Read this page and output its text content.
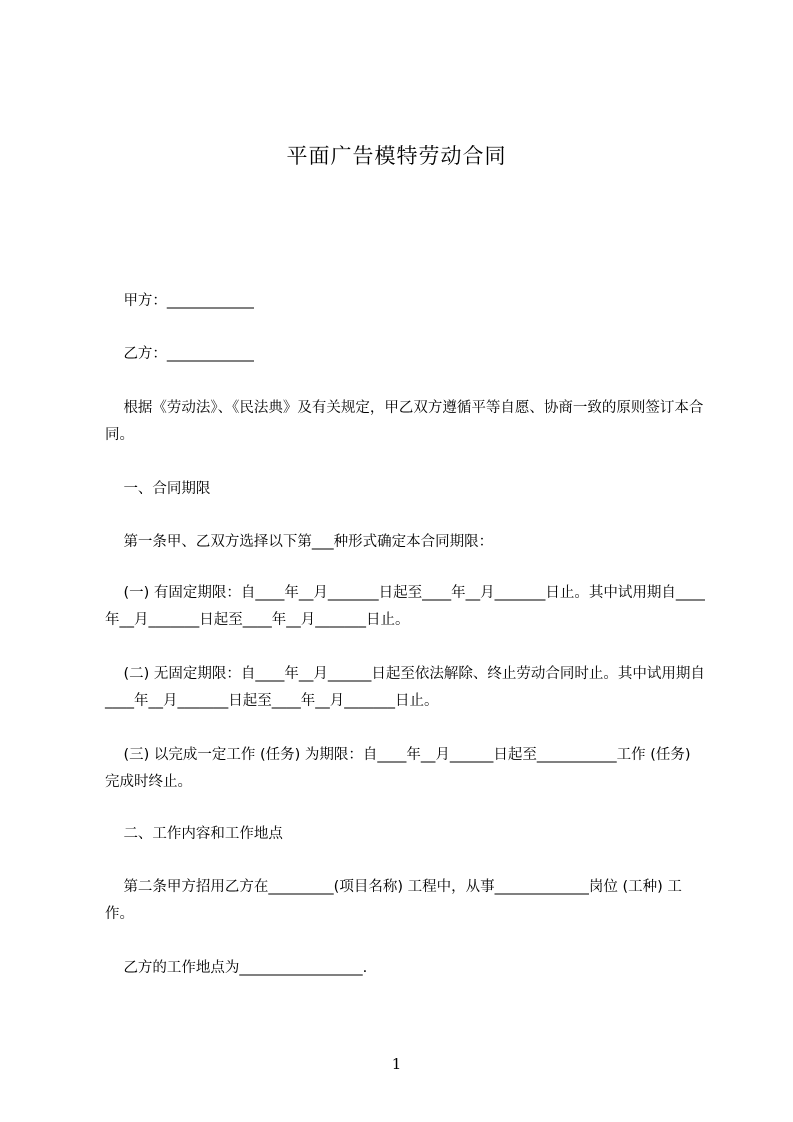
平面广告模特劳动合同

甲方：____________

乙方：____________

根据《劳动法》、《民法典》及有关规定，甲乙双方遵循平等自愿、协商一致的原则签订本合同。

一、合同期限

第一条甲、乙双方选择以下第___种形式确定本合同期限：

(一) 有固定期限：自____年__月_______日起至____年__月_______日止。其中试用期自____年__月_______日起至____年__月_______日止。

(二) 无固定期限：自____年__月______日起至依法解除、终止劳动合同时止。其中试用期自____年__月_______日起至____年__月_______日止。

(三) 以完成一定工作 (任务) 为期限：自____年__月______日起至___________工作 (任务) 完成时终止。

二、工作内容和工作地点

第二条甲方招用乙方在_________(项目名称) 工程中，从事_____________岗位 (工种) 工作。

乙方的工作地点为_________________.

1
